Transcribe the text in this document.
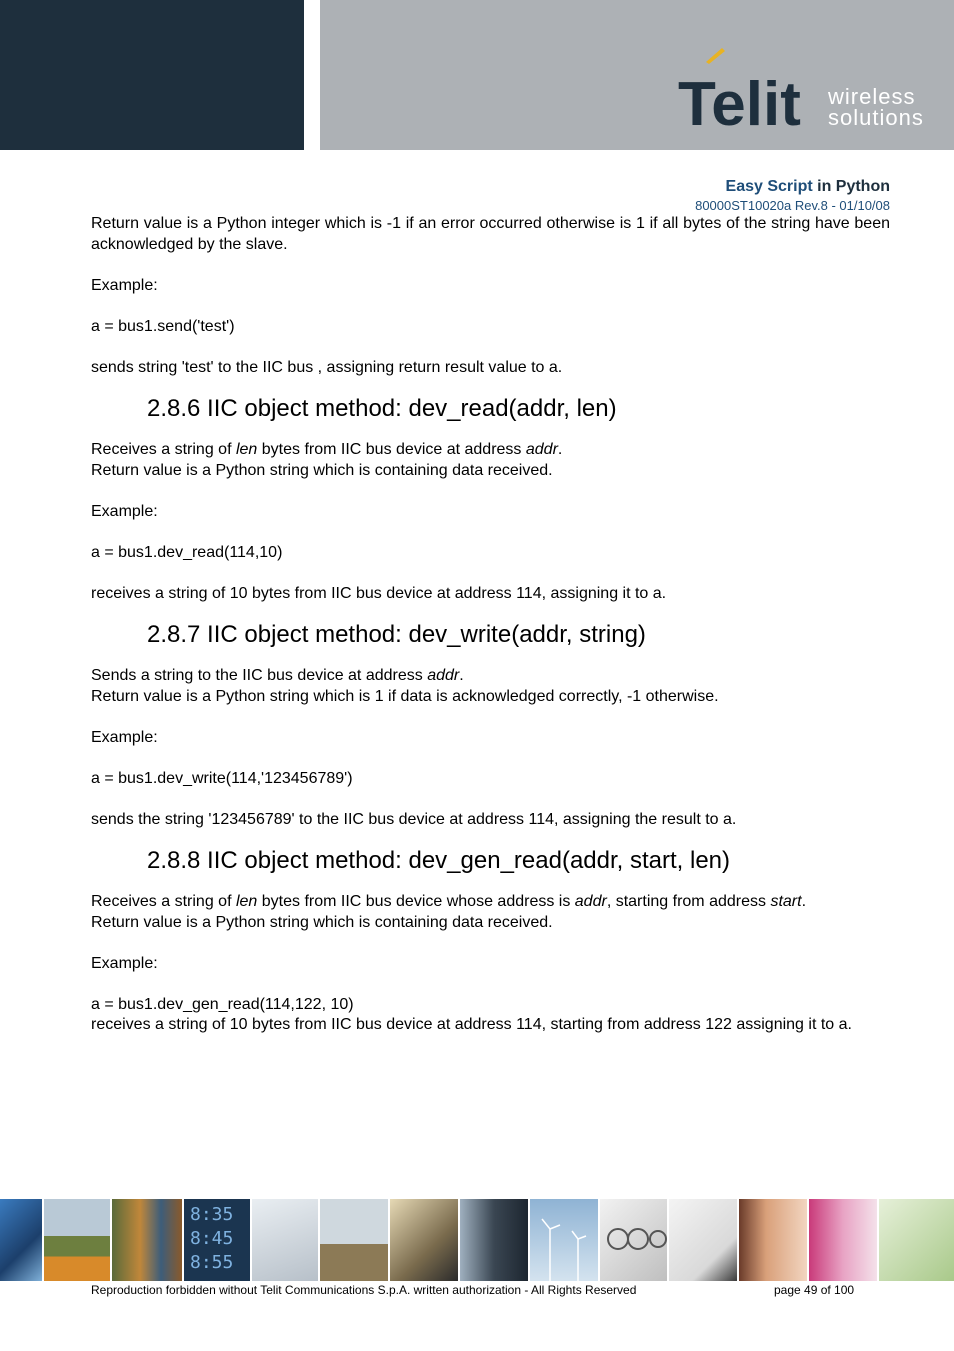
Telit wireless
solutions
Easy Script in Python
80000ST10020a Rev.8 - 01/10/08

Return value is a Python integer which is -1 if an error occurred otherwise is 1 if all bytes of the string have been acknowledged by the slave.

Example:

a = bus1.send('test')

sends string 'test' to the IIC bus , assigning return result value to a.

2.8.6 IIC object method: dev_read(addr, len)

Receives a string of len bytes from IIC bus device at address addr.

Return value is a Python string which is containing data received.

Example:

a = bus1.dev_read(114,10)

receives a string of 10 bytes from IIC bus device at address 114, assigning it to a.

2.8.7 IIC object method: dev_write(addr, string)

Sends a string to the IIC bus device at address addr.

Return value is a Python string which is 1 if data is acknowledged correctly, -1 otherwise.

Example:

a = bus1.dev_write(114,'123456789')

sends the string '123456789' to the IIC bus device at address 114, assigning the result to a.

2.8.8 IIC object method: dev_gen_read(addr, start, len)

Receives a string of len bytes from IIC bus device whose address is addr, starting from address start.

Return value is a Python string which is containing data received.

Example:

a = bus1.dev_gen_read(114,122, 10)

receives a string of 10 bytes from IIC bus device at address 114, starting from address 122 assigning it to a.

8:35
8:45
8:55
Reproduction forbidden without Telit Communications S.p.A. written authorization - All Rights Reserved	page 49 of 100
